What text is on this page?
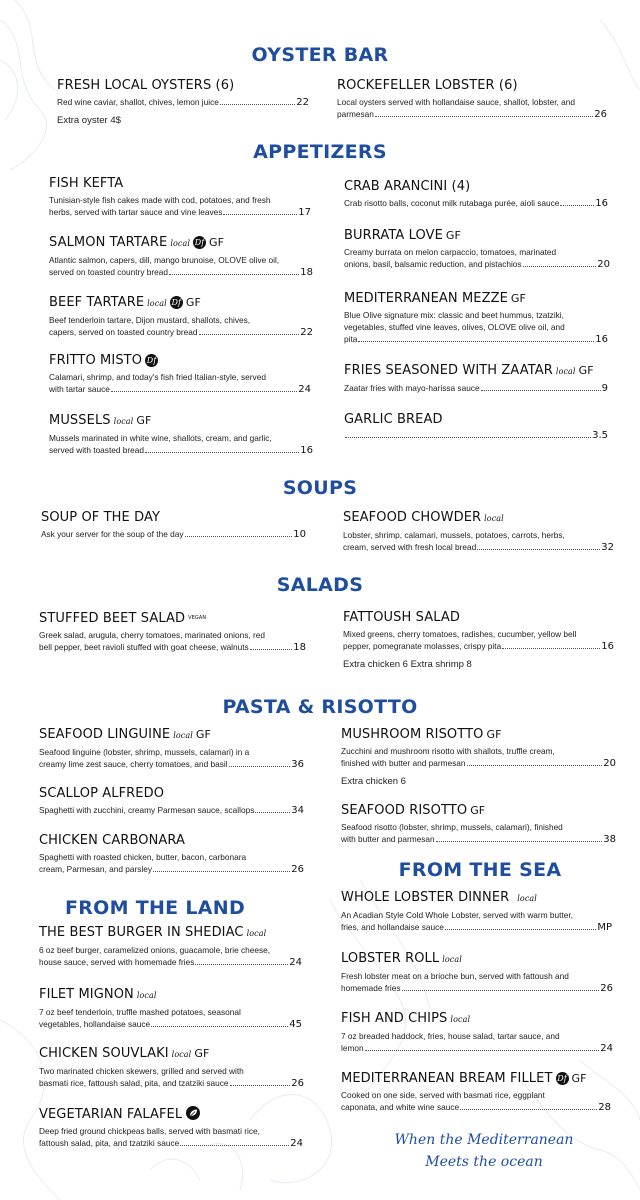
OYSTER BAR
FRESH LOCAL OYSTERS (6)
Red wine caviar, shallot, chives, lemon juice	22
Extra oyster 4$
ROCKEFELLER LOBSTER (6)
Local oysters served with hollandaise sauce, shallot, lobster, and
parmesan	26
APPETIZERS
FISH KEFTA
Tunisian-style fish cakes made with cod, potatoes, and fresh
herbs, served with tartar sauce and vine leaves	17
CRAB ARANCINI (4)
Crab risotto balls, coconut milk rutabaga purée, aioli sauce	16
SALMON TARTARE local Df GF
Atlantic salmon, capers, dill, mango brunoise, OLOVE olive oil,
served on toasted country bread	18
BURRATA LOVE GF
Creamy burrata on melon carpaccio, tomatoes, marinated
onions, basil, balsamic reduction, and pistachios	20
BEEF TARTARE local Df GF
Beef tenderloin tartare, Dijon mustard, shallots, chives,
capers, served on toasted country bread	22
MEDITERRANEAN MEZZE GF
Blue Olive signature mix: classic and beet hummus, tzatziki,
vegetables, stuffed vine leaves, olives, OLOVE olive oil, and
pita	16
FRITTO MISTO Df
Calamari, shrimp, and today's fish fried Italian-style, served
with tartar sauce	24
FRIES SEASONED WITH ZAATAR local GF
Zaatar fries with mayo-harissa sauce	9
MUSSELS local GF
Mussels marinated in white wine, shallots, cream, and garlic,
served with toasted bread	16
GARLIC BREAD
3.5
SOUPS
SOUP OF THE DAY
Ask your server for the soup of the day	10
SEAFOOD CHOWDER local
Lobster, shrimp, calamari, mussels, potatoes, carrots, herbs,
cream, served with fresh local bread	32
SALADS
STUFFED BEET SALAD $^{VEGAN}$
Greek salad, arugula, cherry tomatoes, marinated onions, red
bell pepper, beet ravioli stuffed with goat cheese, walnuts	18
FATTOUSH SALAD
Mixed greens, cherry tomatoes, radishes, cucumber, yellow bell
pepper, pomegranate molasses, crispy pita	16
Extra chicken 6 Extra shrimp 8
PASTA & RISOTTO
SEAFOOD LINGUINE local GF
Seafood linguine (lobster, shrimp, mussels, calamari) in a
creamy lime zest sauce, cherry tomatoes, and basil	36
MUSHROOM RISOTTO GF
Zucchini and mushroom risotto with shallots, truffle cream,
finished with butter and parmesan	20
Extra chicken 6
SCALLOP ALFREDO
Spaghetti with zucchini, creamy Parmesan sauce, scallops	34	SEAFOOD RISOTTO GF
Seafood risotto (lobster, shrimp, mussels, calamari), finished
with butter and parmesan	38
CHICKEN CARBONARA
Spaghetti with roasted chicken, butter, bacon, carbonara
cream, Parmesan, and parsley	26	FROM THE SEA
WHOLE LOBSTER DINNER local
An Acadian Style Cold Whole Lobster, served with warm butter,
fries, and hollandaise sauce	MP
LOBSTER ROLL local
Fresh lobster meat on a brioche bun, served with fattoush and
homemade fries	26
FISH AND CHIPS local
7 oz breaded haddock, fries, house salad, tartar sauce, and
lemon	24
MEDITERRANEAN BREAM FILLET Df GF
Cooked on one side, served with basmati rice, eggplant
caponata, and white wine sauce	28
FROM THE LAND
THE BEST BURGER IN SHEDIAC local
6 oz beef burger, caramelized onions, guacamole, brie cheese,
house sauce, served with homemade fries	24
FILET MIGNON local
7 oz beef tenderloin, truffle mashed potatoes, seasonal
vegetables, hollandaise sauce	45
CHICKEN SOUVLAKI local GF
Two marinated chicken skewers, grilled and served with
basmati rice, fattoush salad, pita, and tzatziki sauce	26
VEGETARIAN FALAFEL
Deep fried ground chickpeas balls, served with basmati rice,
fattoush salad, pita, and tzatziki sauce	24	When the Mediterranean
Meets the ocean
